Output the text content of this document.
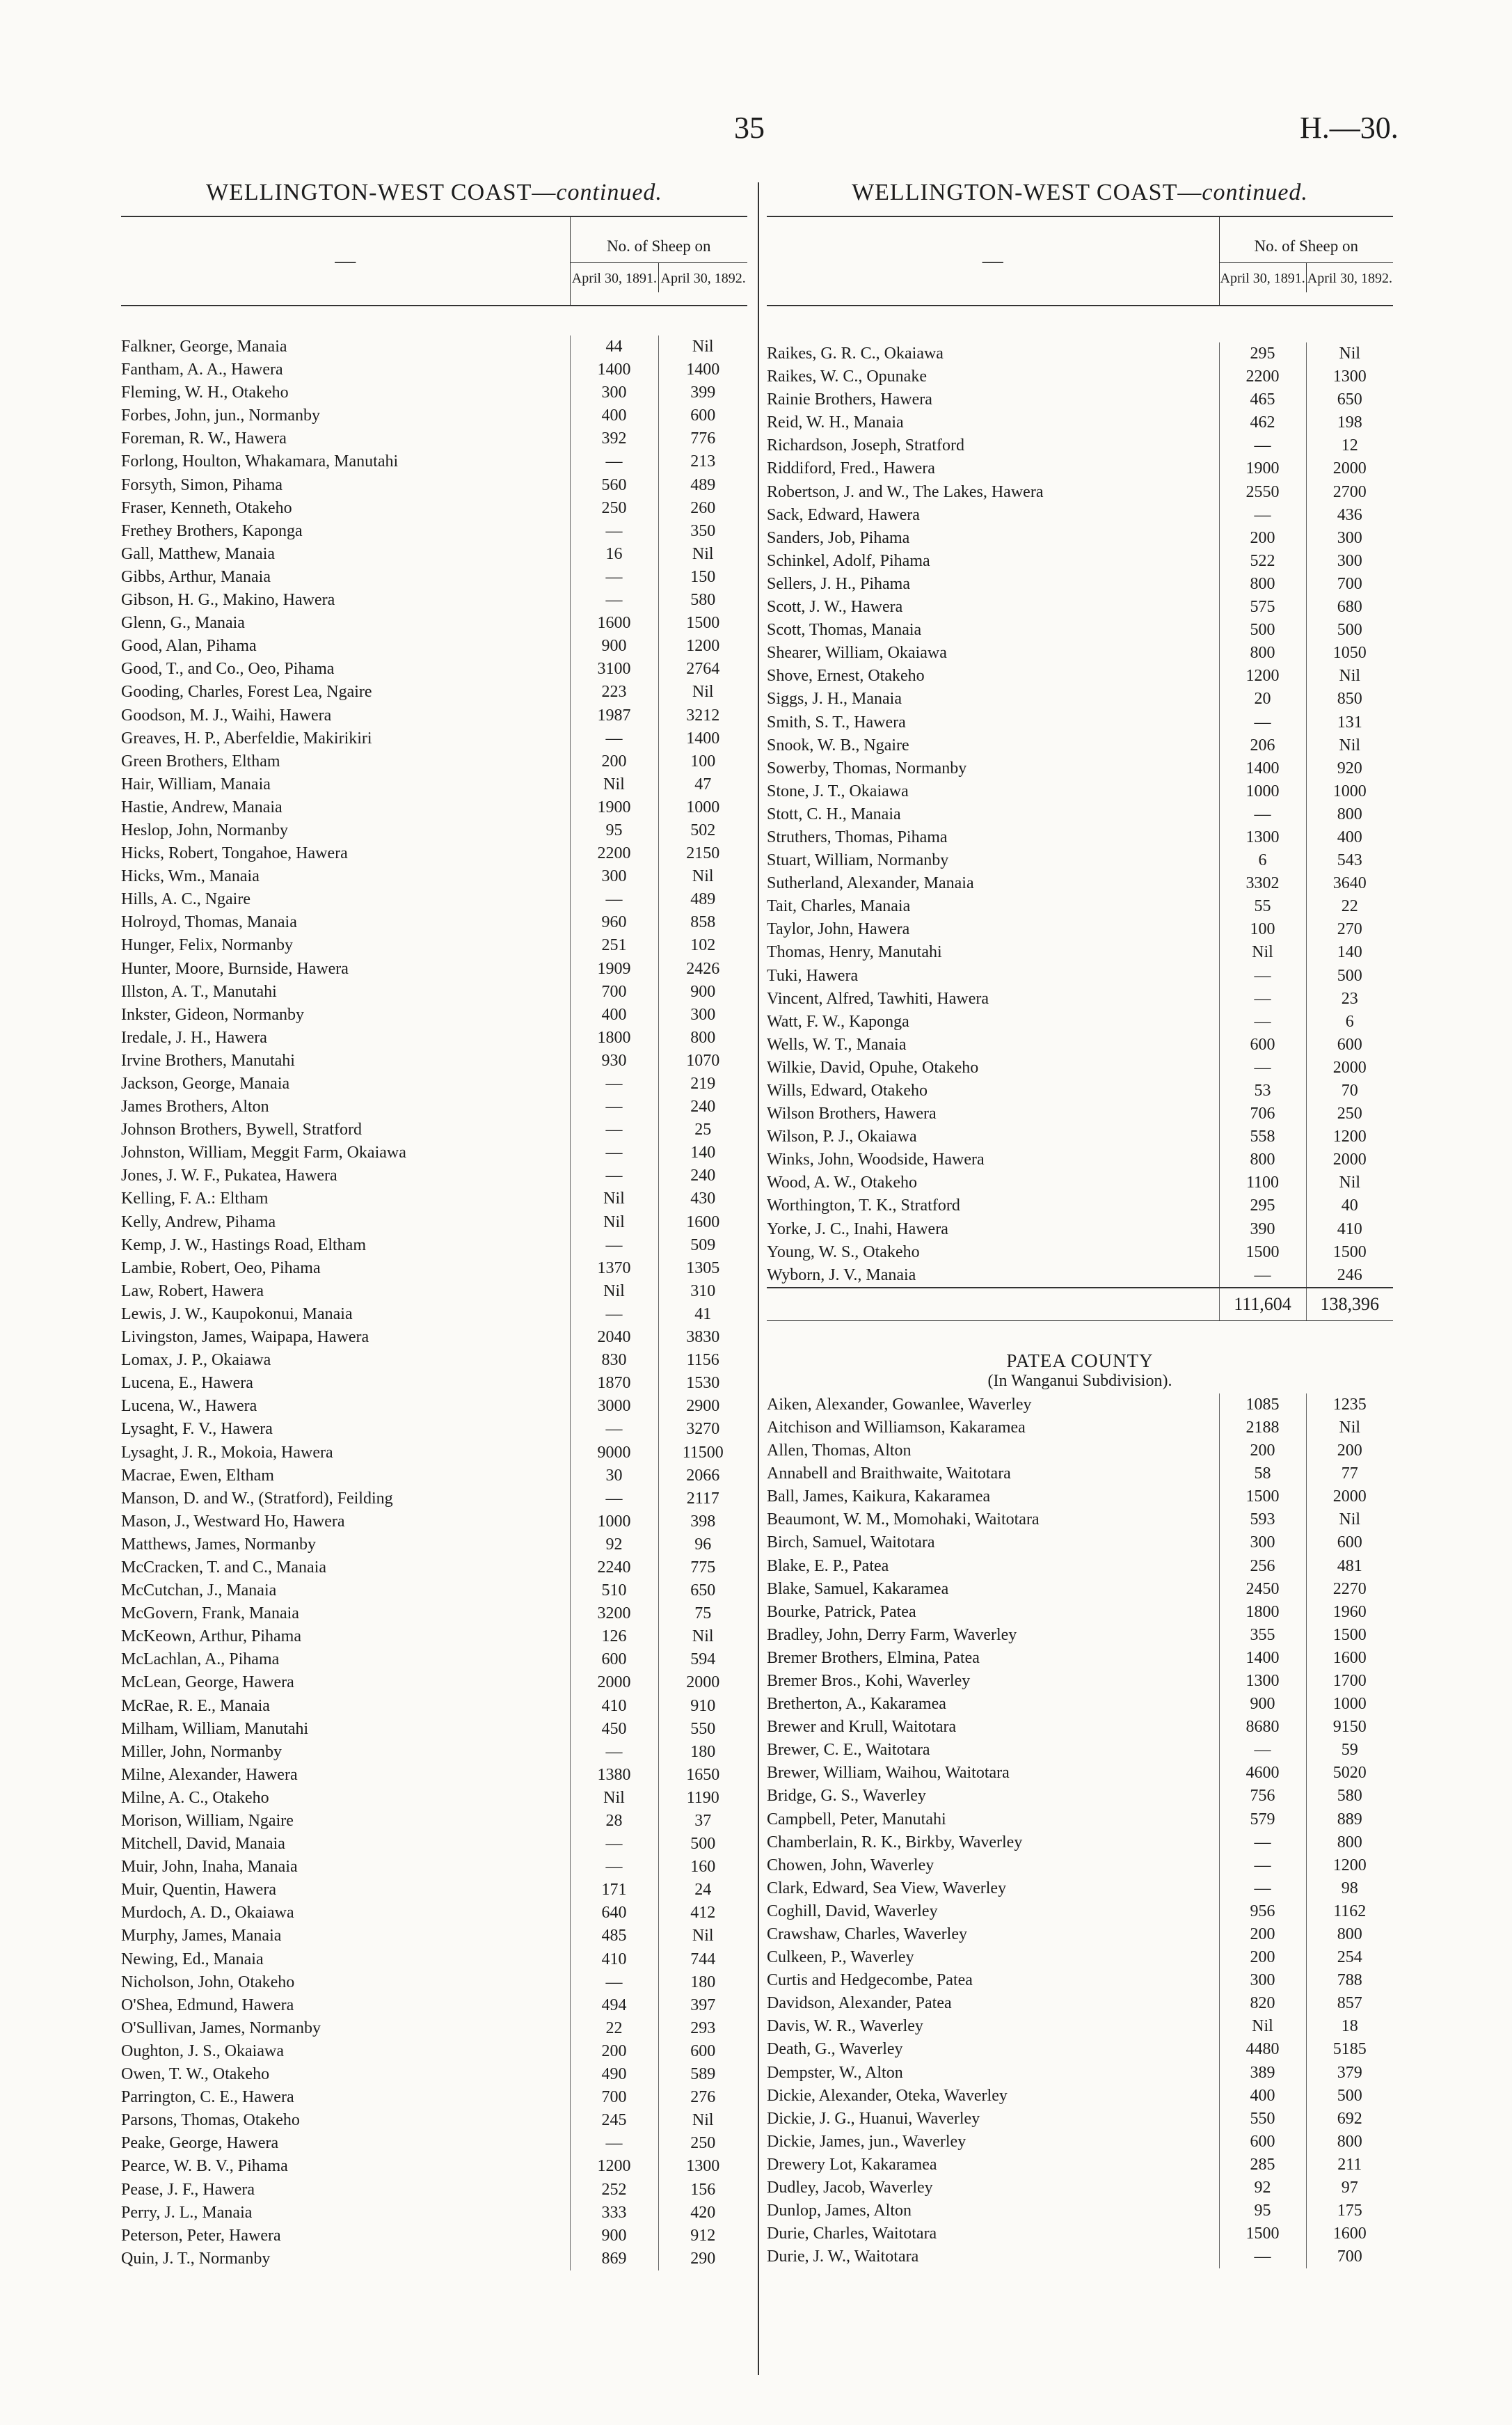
35	H.—30.
WELLINGTON-WEST COAST—continued.
—	No. of Sheep on
April 30, 1891. April 30, 1892.	

Falkner, George, Manaia	44	Nil
Fantham, A. A., Hawera	1400	1400
Fleming, W. H., Otakeho	300	399
Forbes, John, jun., Normanby	400	600
Foreman, R. W., Hawera	392	776
Forlong, Houlton, Whakamara, Manutahi	—	213
Forsyth, Simon, Pihama	560	489
Fraser, Kenneth, Otakeho	250	260
Frethey Brothers, Kaponga	—	350
Gall, Matthew, Manaia	16	Nil
Gibbs, Arthur, Manaia	—	150
Gibson, H. G., Makino, Hawera	—	580
Glenn, G., Manaia	1600	1500
Good, Alan, Pihama	900	1200
Good, T., and Co., Oeo, Pihama	3100	2764
Gooding, Charles, Forest Lea, Ngaire	223	Nil
Goodson, M. J., Waihi, Hawera	1987	3212
Greaves, H. P., Aberfeldie, Makirikiri	—	1400
Green Brothers, Eltham	200	100
Hair, William, Manaia	Nil	47
Hastie, Andrew, Manaia	1900	1000
Heslop, John, Normanby	95	502
Hicks, Robert, Tongahoe, Hawera	2200	2150
Hicks, Wm., Manaia	300	Nil
Hills, A. C., Ngaire	—	489
Holroyd, Thomas, Manaia	960	858
Hunger, Felix, Normanby	251	102
Hunter, Moore, Burnside, Hawera	1909	2426
Illston, A. T., Manutahi	700	900
Inkster, Gideon, Normanby	400	300
Iredale, J. H., Hawera	1800	800
Irvine Brothers, Manutahi	930	1070
Jackson, George, Manaia	—	219
James Brothers, Alton	—	240
Johnson Brothers, Bywell, Stratford	—	25
Johnston, William, Meggit Farm, Okaiawa	—	140
Jones, J. W. F., Pukatea, Hawera	—	240
Kelling, F. A.: Eltham	Nil	430
Kelly, Andrew, Pihama	Nil	1600
Kemp, J. W., Hastings Road, Eltham	—	509
Lambie, Robert, Oeo, Pihama	1370	1305
Law, Robert, Hawera	Nil	310
Lewis, J. W., Kaupokonui, Manaia	—	41
Livingston, James, Waipapa, Hawera	2040	3830
Lomax, J. P., Okaiawa	830	1156
Lucena, E., Hawera	1870	1530
Lucena, W., Hawera	3000	2900
Lysaght, F. V., Hawera	—	3270
Lysaght, J. R., Mokoia, Hawera	9000	11500
Macrae, Ewen, Eltham	30	2066
Manson, D. and W., (Stratford), Feilding	—	2117
Mason, J., Westward Ho, Hawera	1000	398
Matthews, James, Normanby	92	96
McCracken, T. and C., Manaia	2240	775
McCutchan, J., Manaia	510	650
McGovern, Frank, Manaia	3200	75
McKeown, Arthur, Pihama	126	Nil
McLachlan, A., Pihama	600	594
McLean, George, Hawera	2000	2000
McRae, R. E., Manaia	410	910
Milham, William, Manutahi	450	550
Miller, John, Normanby	—	180
Milne, Alexander, Hawera	1380	1650
Milne, A. C., Otakeho	Nil	1190
Morison, William, Ngaire	28	37
Mitchell, David, Manaia	—	500
Muir, John, Inaha, Manaia	—	160
Muir, Quentin, Hawera	171	24
Murdoch, A. D., Okaiawa	640	412
Murphy, James, Manaia	485	Nil
Newing, Ed., Manaia	410	744
Nicholson, John, Otakeho	—	180
O'Shea, Edmund, Hawera	494	397
O'Sullivan, James, Normanby	22	293
Oughton, J. S., Okaiawa	200	600
Owen, T. W., Otakeho	490	589
Parrington, C. E., Hawera	700	276
Parsons, Thomas, Otakeho	245	Nil
Peake, George, Hawera	—	250
Pearce, W. B. V., Pihama	1200	1300
Pease, J. F., Hawera	252	156
Perry, J. L., Manaia	333	420
Peterson, Peter, Hawera	900	912
Quin, J. T., Normanby	869	290
WELLINGTON-WEST COAST—continued.
—	No. of Sheep on
April 30, 1891. April 30, 1892.	

Raikes, G. R. C., Okaiawa	295	Nil
Raikes, W. C., Opunake	2200	1300
Rainie Brothers, Hawera	465	650
Reid, W. H., Manaia	462	198
Richardson, Joseph, Stratford	—	12
Riddiford, Fred., Hawera	1900	2000
Robertson, J. and W., The Lakes, Hawera	2550	2700
Sack, Edward, Hawera	—	436
Sanders, Job, Pihama	200	300
Schinkel, Adolf, Pihama	522	300
Sellers, J. H., Pihama	800	700
Scott, J. W., Hawera	575	680
Scott, Thomas, Manaia	500	500
Shearer, William, Okaiawa	800	1050
Shove, Ernest, Otakeho	1200	Nil
Siggs, J. H., Manaia	20	850
Smith, S. T., Hawera	—	131
Snook, W. B., Ngaire	206	Nil
Sowerby, Thomas, Normanby	1400	920
Stone, J. T., Okaiawa	1000	1000
Stott, C. H., Manaia	—	800
Struthers, Thomas, Pihama	1300	400
Stuart, William, Normanby	6	543
Sutherland, Alexander, Manaia	3302	3640
Tait, Charles, Manaia	55	22
Taylor, John, Hawera	100	270
Thomas, Henry, Manutahi	Nil	140
Tuki, Hawera	—	500
Vincent, Alfred, Tawhiti, Hawera	—	23
Watt, F. W., Kaponga	—	6
Wells, W. T., Manaia	600	600
Wilkie, David, Opuhe, Otakeho	—	2000
Wills, Edward, Otakeho	53	70
Wilson Brothers, Hawera	706	250
Wilson, P. J., Okaiawa	558	1200
Winks, John, Woodside, Hawera	800	2000
Wood, A. W., Otakeho	1100	Nil
Worthington, T. K., Stratford	295	40
Yorke, J. C., Inahi, Hawera	390	410
Young, W. S., Otakeho	1500	1500
Wyborn, J. V., Manaia	—	246
	111,604	138,396
PATEA COUNTY
(In Wanganui Subdivision).
Aiken, Alexander, Gowanlee, Waverley	1085	1235
Aitchison and Williamson, Kakaramea	2188	Nil
Allen, Thomas, Alton	200	200
Annabell and Braithwaite, Waitotara	58	77
Ball, James, Kaikura, Kakaramea	1500	2000
Beaumont, W. M., Momohaki, Waitotara	593	Nil
Birch, Samuel, Waitotara	300	600
Blake, E. P., Patea	256	481
Blake, Samuel, Kakaramea	2450	2270
Bourke, Patrick, Patea	1800	1960
Bradley, John, Derry Farm, Waverley	355	1500
Bremer Brothers, Elmina, Patea	1400	1600
Bremer Bros., Kohi, Waverley	1300	1700
Bretherton, A., Kakaramea	900	1000
Brewer and Krull, Waitotara	8680	9150
Brewer, C. E., Waitotara	—	59
Brewer, William, Waihou, Waitotara	4600	5020
Bridge, G. S., Waverley	756	580
Campbell, Peter, Manutahi	579	889
Chamberlain, R. K., Birkby, Waverley	—	800
Chowen, John, Waverley	—	1200
Clark, Edward, Sea View, Waverley	—	98
Coghill, David, Waverley	956	1162
Crawshaw, Charles, Waverley	200	800
Culkeen, P., Waverley	200	254
Curtis and Hedgecombe, Patea	300	788
Davidson, Alexander, Patea	820	857
Davis, W. R., Waverley	Nil	18
Death, G., Waverley	4480	5185
Dempster, W., Alton	389	379
Dickie, Alexander, Oteka, Waverley	400	500
Dickie, J. G., Huanui, Waverley	550	692
Dickie, James, jun., Waverley	600	800
Drewery Lot, Kakaramea	285	211
Dudley, Jacob, Waverley	92	97
Dunlop, James, Alton	95	175
Durie, Charles, Waitotara	1500	1600
Durie, J. W., Waitotara	—	700
